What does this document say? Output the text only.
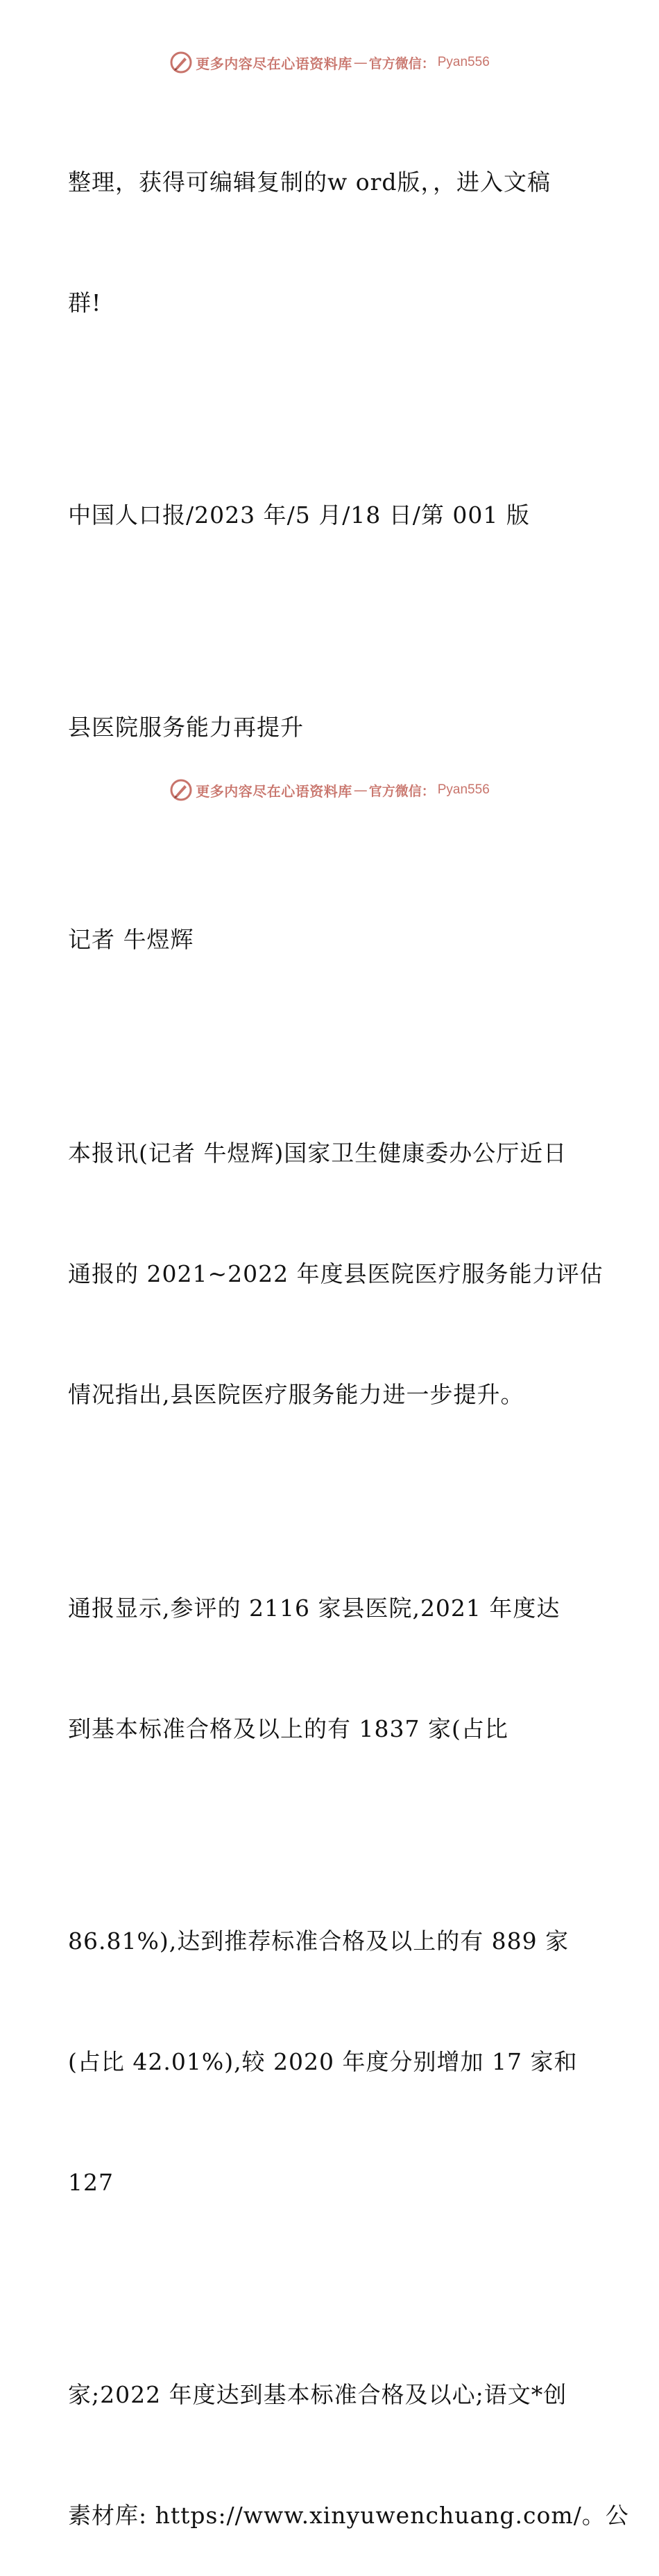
更多内容尽在心语资料库 — 官方微信： Pyan556

整理，获得可编辑复制的w ord版，，进入文稿

群!

中国人口报/2023 年/5 月/18 日/第 001 版

县医院服务能力再提升

记者 牛煜辉

本报讯(记者 牛煜辉)国家卫生健康委办公厅近日

通报的 2021~2022 年度县医院医疗服务能力评估

情况指出,县医院医疗服务能力进一步提升。

通报显示,参评的 2116 家县医院,2021 年度达

到基本标准合格及以上的有 1837 家(占比

86.81%),达到推荐标准合格及以上的有 889 家

(占比 42.01%),较 2020 年度分别增加 17 家和

127

家;2022 年度达到基本标准合格及以心;语文*创

素材库: https://www.xinyuwenchuang.com/。公

更多内容尽在心语资料库 — 官方微信： Pyan556
